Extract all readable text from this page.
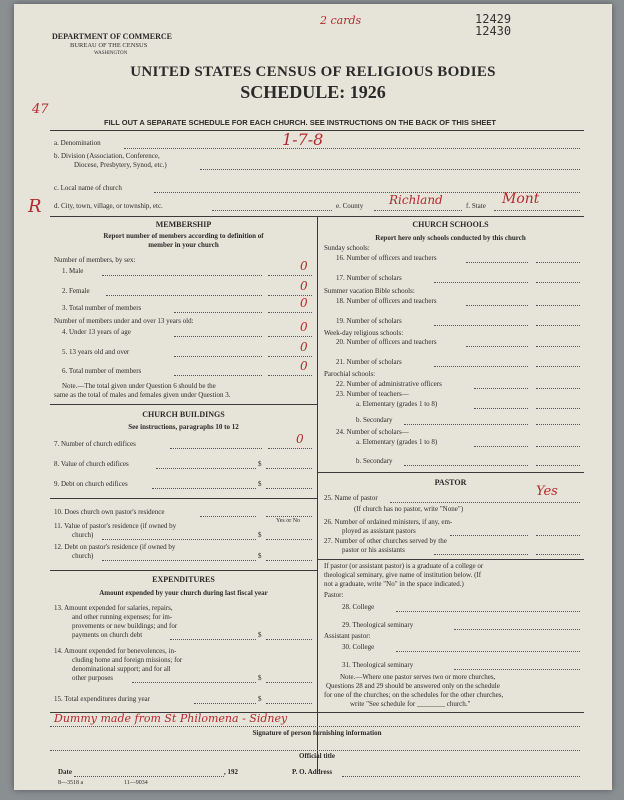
DEPARTMENT OF COMMERCE
BUREAU OF THE CENSUS
WASHINGTON
2 cards	12429
12430
UNITED STATES CENSUS OF RELIGIOUS BODIES
SCHEDULE: 1926
47
FILL OUT A SEPARATE SCHEDULE FOR EACH CHURCH. SEE INSTRUCTIONS ON THE BACK OF THIS SHEET
a. Denomination	1-7-8
b. Division (Association, Conference,
Diocese, Presbytery, Synod, etc.)
R
c. Local name of church
d. City, town, village, or township, etc.	e. County Richland	f. State Mont
MEMBERSHIP
Report number of members according to definition of
member in your church
Number of members, by sex:
1. Male	0
2. Female	0
3. Total number of members	0
Number of members under and over 13 years old:
4. Under 13 years of age	0
5. 13 years old and over	0
6. Total number of members	0
Note.—The total given under Question 6 should be the
same as the total of males and females given under Question 3.
CHURCH BUILDINGS
See instructions, paragraphs 10 to 12
7. Number of church edifices	0
8. Value of church edifices	$
9. Debt on church edifices	$
10. Does church own pastor's residence
Yes or No
11. Value of pastor's residence (if owned by
church)	$
12. Debt on pastor's residence (if owned by
church)	$
EXPENDITURES
Amount expended by your church during last fiscal year
13. Amount expended for salaries, repairs,
and other running expenses; for im-
provements or new buildings; and for
payments on church debt	$
14. Amount expended for benevolences, in-
cluding home and foreign missions; for
denominational support; and for all
other purposes	$
15. Total expenditures during year	$
CHURCH SCHOOLS
Report here only schools conducted by this church
Sunday schools:
16. Number of officers and teachers
17. Number of scholars
Summer vacation Bible schools:
18. Number of officers and teachers
19. Number of scholars
Week-day religious schools:
20. Number of officers and teachers
21. Number of scholars
Parochial schools:
22. Number of administrative officers
23. Number of teachers—
a. Elementary (grades 1 to 8)
b. Secondary
24. Number of scholars—
a. Elementary (grades 1 to 8)
b. Secondary
PASTOR
25. Name of pastor	Yes
(If church has no pastor, write "None")
26. Number of ordained ministers, if any, em-
ployed as assistant pastors
27. Number of other churches served by the
pastor or his assistants
If pastor (or assistant pastor) is a graduate of a college or
theological seminary, give name of institution below. (If
not a graduate, write "No" in the space indicated.)
Pastor:
28. College
29. Theological seminary
Assistant pastor:
30. College
31. Theological seminary
Note.—Where one pastor serves two or more churches,
Questions 28 and 29 should be answered only on the schedule
for one of the churches; on the schedules for the other churches,
write "See schedule for ________ church."
Dummy made from St Philomena - Sidney
Signature of person furnishing information
Official title
Date	, 192	P. O. Address
8—3518 a	11—9034
